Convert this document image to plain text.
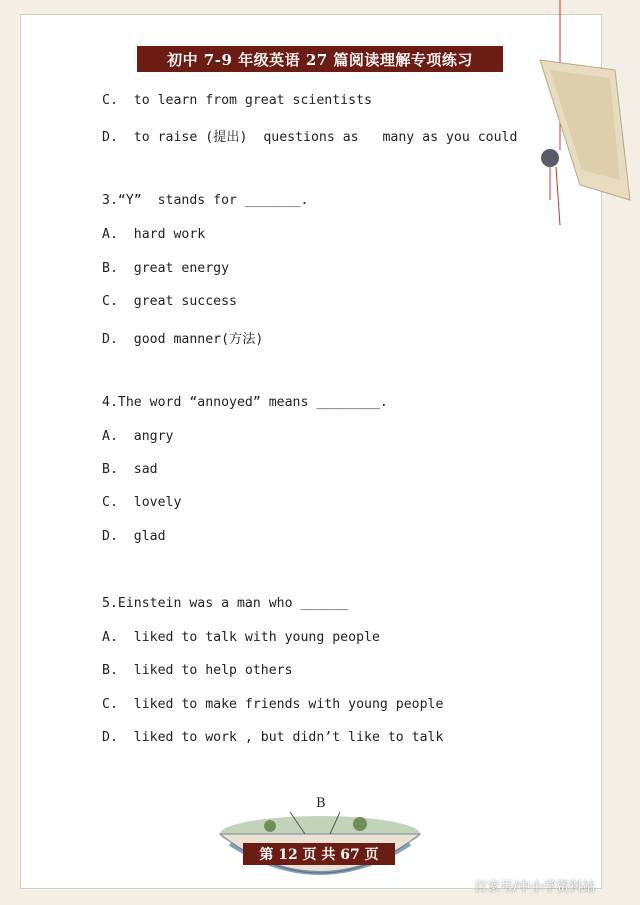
初中 7-9 年级英语 27 篇阅读理解专项练习
C.  to learn from great scientists
D.  to raise (提出)  questions as   many as you could
3.“Y”  stands for _______.
A.  hard work
B.  great energy
C.  great success
D.  good manner(方法)
4.The word “annoyed” means ________.
A.  angry
B.  sad
C.  lovely
D.  glad
5.Einstein was a man who ______
A.  liked to talk with young people
B.  liked to help others
C.  liked to make friends with young people
D.  liked to work , but didn’t like to talk
B
第 12 页 共 67 页
百家号/中小学资料站
